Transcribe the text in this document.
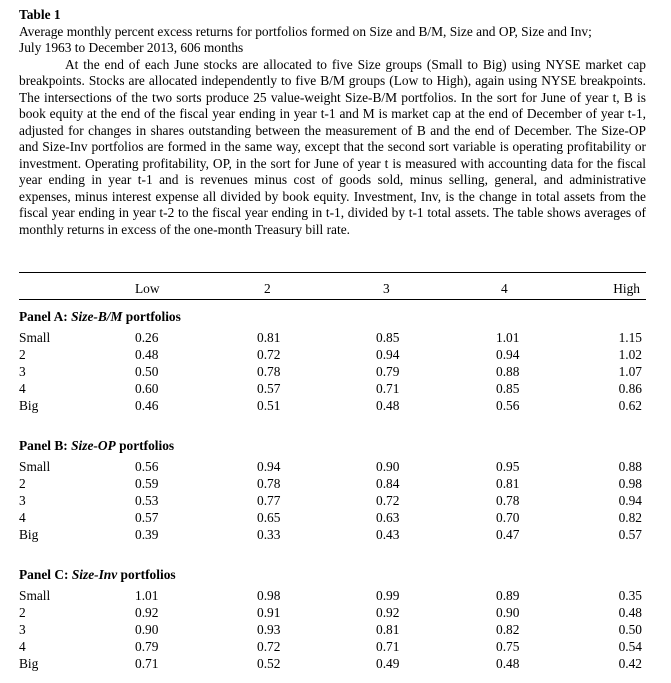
Table 1
Average monthly percent excess returns for portfolios formed on Size and B/M, Size and OP, Size and Inv;
July 1963 to December 2013, 606 months

At the end of each June stocks are allocated to five Size groups (Small to Big) using NYSE market cap breakpoints. Stocks are allocated independently to five B/M groups (Low to High), again using NYSE breakpoints. The intersections of the two sorts produce 25 value-weight Size-B/M portfolios. In the sort for June of year t, B is book equity at the end of the fiscal year ending in year t-1 and M is market cap at the end of December of year t-1, adjusted for changes in shares outstanding between the measurement of B and the end of December. The Size-OP and Size-Inv portfolios are formed in the same way, except that the second sort variable is operating profitability or investment. Operating profitability, OP, in the sort for June of year t is measured with accounting data for the fiscal year ending in year t-1 and is revenues minus cost of goods sold, minus selling, general, and administrative expenses, minus interest expense all divided by book equity. Investment, Inv, is the change in total assets from the fiscal year ending in year t-2 to the fiscal year ending in t-1, divided by t-1 total assets. The table shows averages of monthly returns in excess of the one-month Treasury bill rate.

Low	2	3	4	High
Panel A: Size-B/M portfolios
Small	0.26	0.81	0.85	1.01	1.15
2	0.48	0.72	0.94	0.94	1.02
3	0.50	0.78	0.79	0.88	1.07
4	0.60	0.57	0.71	0.85	0.86
Big	0.46	0.51	0.48	0.56	0.62
Panel B: Size-OP portfolios
Small	0.56	0.94	0.90	0.95	0.88
2	0.59	0.78	0.84	0.81	0.98
3	0.53	0.77	0.72	0.78	0.94
4	0.57	0.65	0.63	0.70	0.82
Big	0.39	0.33	0.43	0.47	0.57
Panel C: Size-Inv portfolios
Small	1.01	0.98	0.99	0.89	0.35
2	0.92	0.91	0.92	0.90	0.48
3	0.90	0.93	0.81	0.82	0.50
4	0.79	0.72	0.71	0.75	0.54
Big	0.71	0.52	0.49	0.48	0.42
